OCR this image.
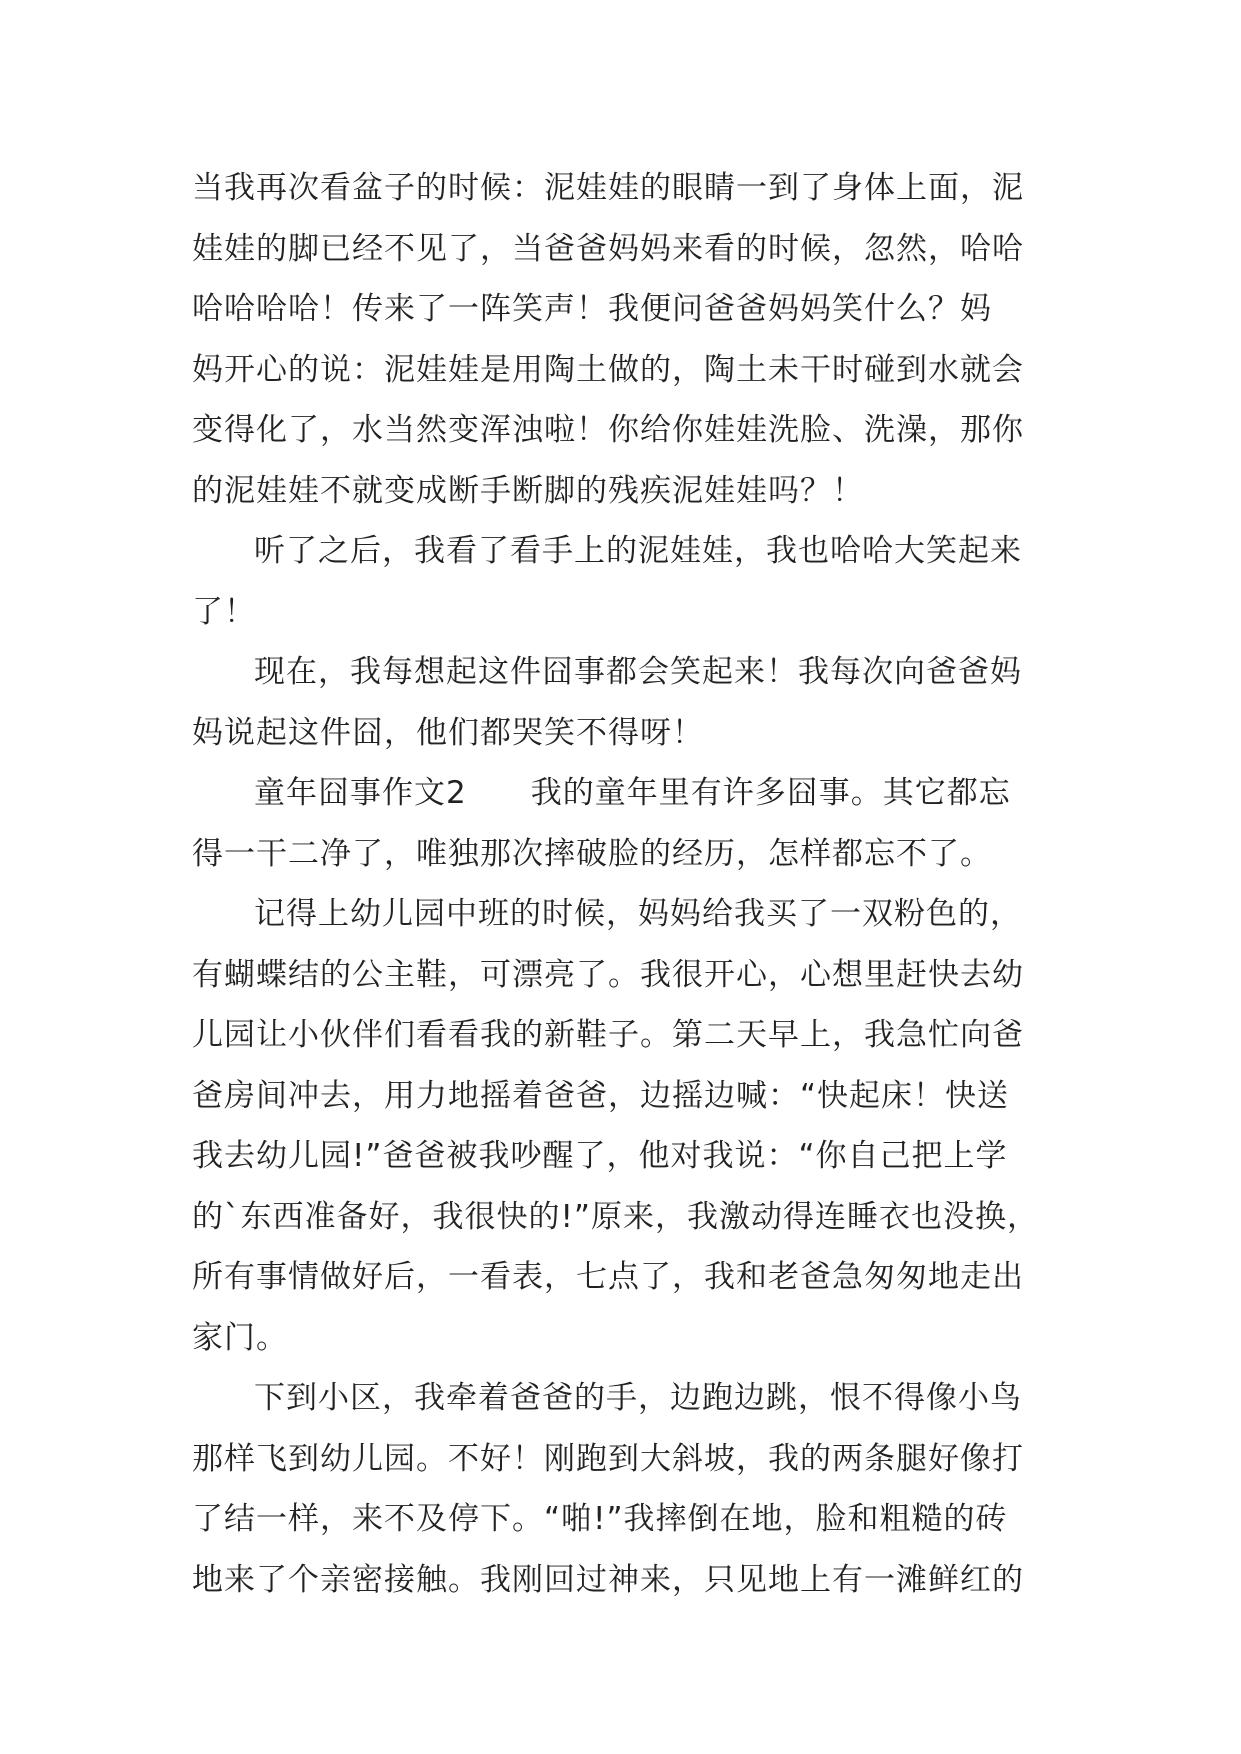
当我再次看盆子的时候：泥娃娃的眼睛一到了身体上面，泥
娃娃的脚已经不见了，当爸爸妈妈来看的时候，忽然，哈哈
哈哈哈哈！传来了一阵笑声！我便问爸爸妈妈笑什么？妈
妈开心的说：泥娃娃是用陶土做的，陶土未干时碰到水就会
变得化了，水当然变浑浊啦！你给你娃娃洗脸、洗澡，那你
的泥娃娃不就变成断手断脚的残疾泥娃娃吗？！
听了之后，我看了看手上的泥娃娃，我也哈哈大笑起来
了！
现在，我每想起这件囧事都会笑起来！我每次向爸爸妈
妈说起这件囧，他们都哭笑不得呀！
童年囧事作文2　　我的童年里有许多囧事。其它都忘
得一干二净了，唯独那次摔破脸的经历，怎样都忘不了。
记得上幼儿园中班的时候，妈妈给我买了一双粉色的，
有蝴蝶结的公主鞋，可漂亮了。我很开心，心想里赶快去幼
儿园让小伙伴们看看我的新鞋子。第二天早上，我急忙向爸
爸房间冲去，用力地摇着爸爸，边摇边喊：“快起床！快送
我去幼儿园!”爸爸被我吵醒了，他对我说：“你自己把上学
的`东西准备好，我很快的!”原来，我激动得连睡衣也没换，
所有事情做好后，一看表，七点了，我和老爸急匆匆地走出
家门。
下到小区，我牵着爸爸的手，边跑边跳，恨不得像小鸟
那样飞到幼儿园。不好！刚跑到大斜坡，我的两条腿好像打
了结一样，来不及停下。“啪!”我摔倒在地，脸和粗糙的砖
地来了个亲密接触。我刚回过神来，只见地上有一滩鲜红的
